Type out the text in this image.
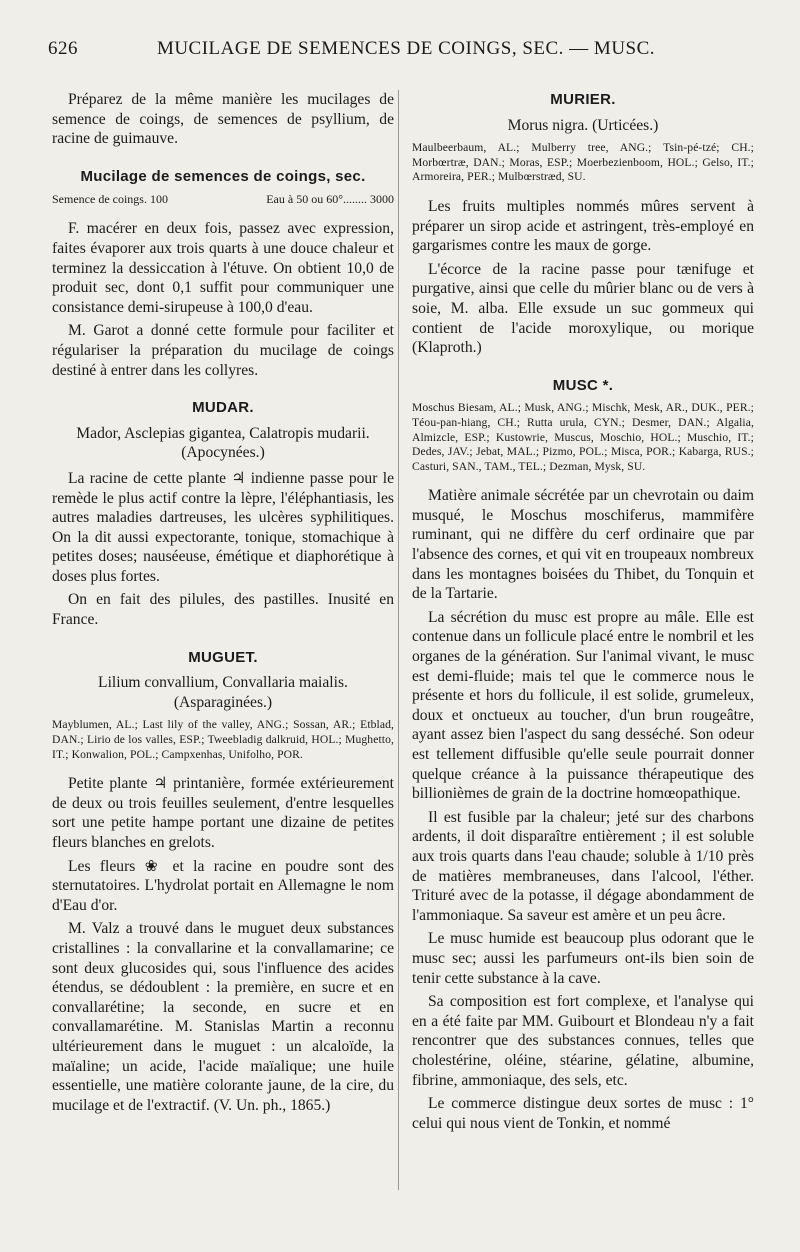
626	MUCILAGE DE SEMENCES DE COINGS, SEC. — MUSC.

Préparez de la même manière les mucilages de semence de coings, de semences de psyllium, de racine de guimauve.

Mucilage de semences de coings, sec.
Semence de coings. 100	Eau à 50 ou 60°........ 3000

F. macérer en deux fois, passez avec expression, faites évaporer aux trois quarts à une douce chaleur et terminez la dessiccation à l'étuve. On obtient 10,0 de produit sec, dont 0,1 suffit pour communiquer une consistance demi-sirupeuse à 100,0 d'eau.

M. Garot a donné cette formule pour faciliter et régulariser la préparation du mucilage de coings destiné à entrer dans les collyres.

MUDAR.
Mador, Asclepias gigantea, Calatropis mudarii. (Apocynées.)

La racine de cette plante ♃ indienne passe pour le remède le plus actif contre la lèpre, l'éléphantiasis, les autres maladies dartreuses, les ulcères syphilitiques. On la dit aussi expectorante, tonique, stomachique à petites doses; nauséeuse, émétique et diaphorétique à doses plus fortes.

On en fait des pilules, des pastilles. Inusité en France.

MUGUET.
Lilium convallium, Convallaria maialis. (Asparaginées.)

Mayblumen, AL.; Last lily of the valley, ANG.; Sossan, AR.; Etblad, DAN.; Lirio de los valles, ESP.; Tweebladig dalkruid, HOL.; Mughetto, IT.; Konwalion, POL.; Campxenhas, Unifolho, POR.

Petite plante ♃ printanière, formée extérieurement de deux ou trois feuilles seulement, d'entre lesquelles sort une petite hampe portant une dizaine de petites fleurs blanches en grelots.

Les fleurs ❀ et la racine en poudre sont des sternutatoires. L'hydrolat portait en Allemagne le nom d'Eau d'or.

M. Valz a trouvé dans le muguet deux substances cristallines : la convallarine et la convallamarine; ce sont deux glucosides qui, sous l'influence des acides étendus, se dédoublent : la première, en sucre et en convallarétine; la seconde, en sucre et en convallamarétine. M. Stanislas Martin a reconnu ultérieurement dans le muguet : un alcaloïde, la maïaline; un acide, l'acide maïalique; une huile essentielle, une matière colorante jaune, de la cire, du mucilage et de l'extractif. (V. Un. ph., 1865.)

MURIER.
Morus nigra. (Urticées.)

Maulbeerbaum, AL.; Mulberry tree, ANG.; Tsin-pé-tzé; CH.; Morbœrtræ, DAN.; Moras, ESP.; Moerbezienboom, HOL.; Gelso, IT.; Armoreira, PER.; Mulbœrstræd, SU.

Les fruits multiples nommés mûres servent à préparer un sirop acide et astringent, très-employé en gargarismes contre les maux de gorge.

L'écorce de la racine passe pour tænifuge et purgative, ainsi que celle du mûrier blanc ou de vers à soie, M. alba. Elle exsude un suc gommeux qui contient de l'acide moroxylique, ou morique (Klaproth.)

MUSC *.

Moschus Biesam, AL.; Musk, ANG.; Mischk, Mesk, AR., DUK., PER.; Téou-pan-hiang, CH.; Rutta urula, CYN.; Desmer, DAN.; Algalia, Almizcle, ESP.; Kustowrie, Muscus, Moschio, HOL.; Muschio, IT.; Dedes, JAV.; Jebat, MAL.; Pizmo, POL.; Misca, POR.; Kabarga, RUS.; Casturi, SAN., TAM., TEL.; Dezman, Mysk, SU.

Matière animale sécrétée par un chevrotain ou daim musqué, le Moschus moschiferus, mammifère ruminant, qui ne diffère du cerf ordinaire que par l'absence des cornes, et qui vit en troupeaux nombreux dans les montagnes boisées du Thibet, du Tonquin et de la Tartarie.

La sécrétion du musc est propre au mâle. Elle est contenue dans un follicule placé entre le nombril et les organes de la génération. Sur l'animal vivant, le musc est demi-fluide; mais tel que le commerce nous le présente et hors du follicule, il est solide, grumeleux, doux et onctueux au toucher, d'un brun rougeâtre, ayant assez bien l'aspect du sang desséché. Son odeur est tellement diffusible qu'elle seule pourrait donner quelque créance à la puissance thérapeutique des billionièmes de grain de la doctrine homœopathique.

Il est fusible par la chaleur; jeté sur des charbons ardents, il doit disparaître entièrement ; il est soluble aux trois quarts dans l'eau chaude; soluble à 1/10 près de matières membraneuses, dans l'alcool, l'éther. Trituré avec de la potasse, il dégage abondamment de l'ammoniaque. Sa saveur est amère et un peu âcre.

Le musc humide est beaucoup plus odorant que le musc sec; aussi les parfumeurs ont-ils bien soin de tenir cette substance à la cave.

Sa composition est fort complexe, et l'analyse qui en a été faite par MM. Guibourt et Blondeau n'y a fait rencontrer que des substances connues, telles que cholestérine, oléine, stéarine, gélatine, albumine, fibrine, ammoniaque, des sels, etc.

Le commerce distingue deux sortes de musc : 1° celui qui nous vient de Tonkin, et nommé
